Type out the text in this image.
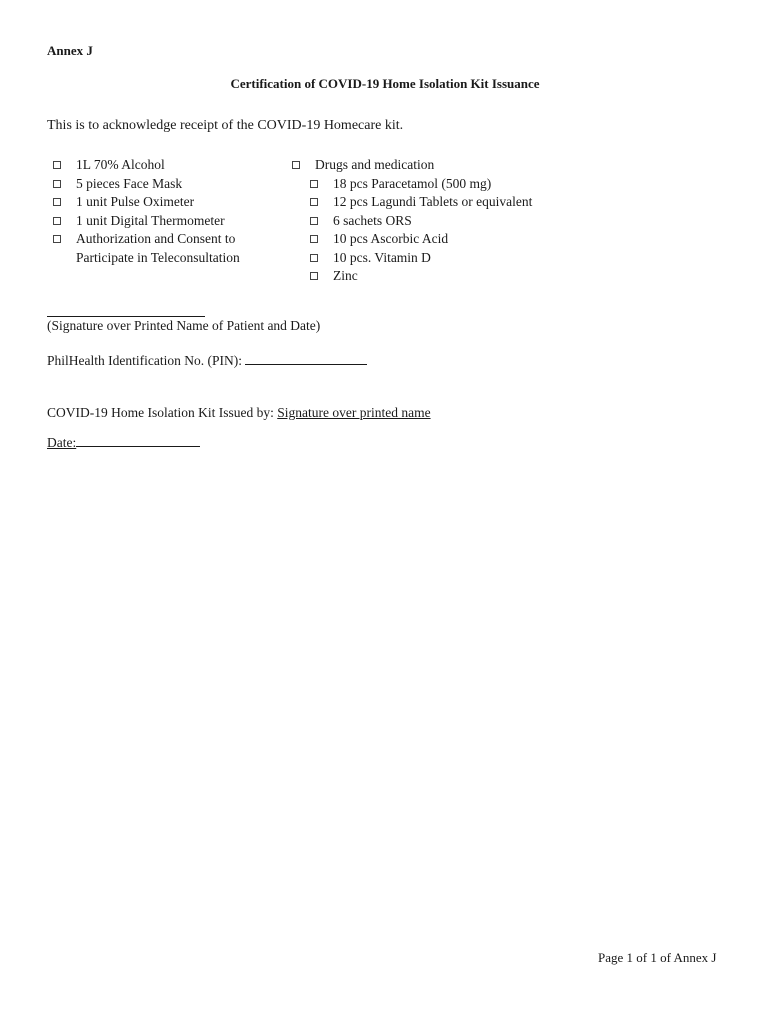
Annex J
Certification of COVID-19 Home Isolation Kit Issuance
This is to acknowledge receipt of the COVID-19 Homecare kit.
1L 70% Alcohol
5 pieces Face Mask
1 unit Pulse Oximeter
1 unit Digital Thermometer
Authorization and Consent to Participate in Teleconsultation
Drugs and medication
18 pcs Paracetamol (500 mg)
12 pcs Lagundi Tablets or equivalent
6 sachets ORS
10 pcs Ascorbic Acid
10 pcs. Vitamin D
Zinc
(Signature over Printed Name of Patient and Date)
PhilHealth Identification No. (PIN):
COVID-19 Home Isolation Kit Issued by: Signature over printed name
Date:
Page 1 of 1 of Annex J
